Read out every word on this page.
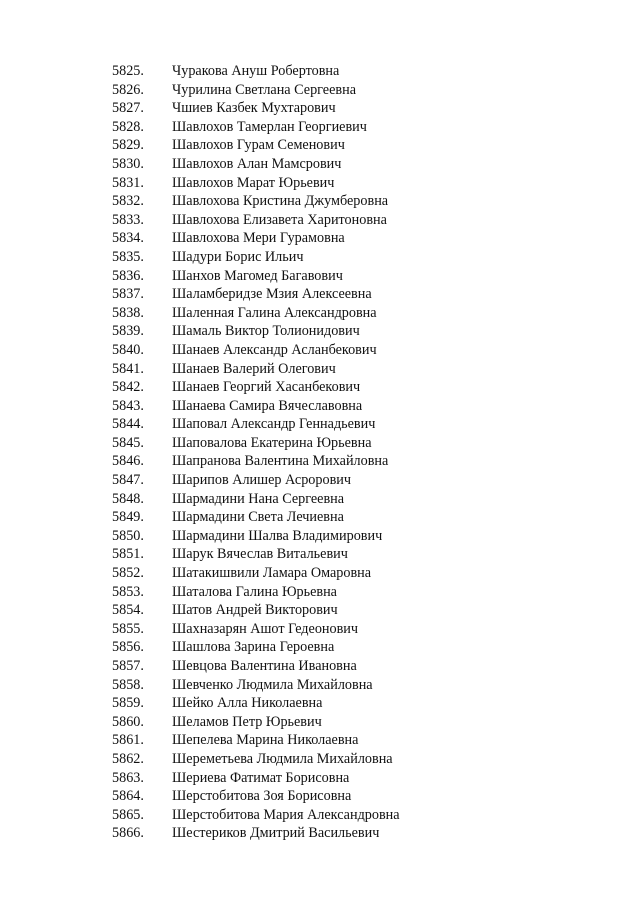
5825.	Чуракова Ануш Робертовна
5826.	Чурилина Светлана Сергеевна
5827.	Чшиев Казбек Мухтарович
5828.	Шавлохов Тамерлан Георгиевич
5829.	Шавлохов Гурам Семенович
5830.	Шавлохов Алан Мамсрович
5831.	Шавлохов Марат Юрьевич
5832.	Шавлохова Кристина Джумберовна
5833.	Шавлохова Елизавета Харитоновна
5834.	Шавлохова Мери Гурамовна
5835.	Шадури Борис Ильич
5836.	Шанхов Магомед Багавович
5837.	Шаламберидзе Мзия Алексеевна
5838.	Шаленная Галина Александровна
5839.	Шамаль Виктор Толионидович
5840.	Шанаев Александр Асланбекович
5841.	Шанаев Валерий Олегович
5842.	Шанаев Георгий Хасанбекович
5843.	Шанаева Самира Вячеславовна
5844.	Шаповал Александр Геннадьевич
5845.	Шаповалова Екатерина Юрьевна
5846.	Шапранова Валентина Михайловна
5847.	Шарипов Алишер Асрорович
5848.	Шармадини Нана Сергеевна
5849.	Шармадини Света Лечиевна
5850.	Шармадини Шалва Владимирович
5851.	Шарук Вячеслав Витальевич
5852.	Шатакишвили Ламара Омаровна
5853.	Шаталова Галина Юрьевна
5854.	Шатов Андрей Викторович
5855.	Шахназарян Ашот Гедеонович
5856.	Шашлова Зарина Героевна
5857.	Шевцова Валентина Ивановна
5858.	Шевченко Людмила Михайловна
5859.	Шейко Алла Николаевна
5860.	Шеламов Петр Юрьевич
5861.	Шепелева Марина Николаевна
5862.	Шереметьева Людмила Михайловна
5863.	Шериева Фатимат Борисовна
5864.	Шерстобитова Зоя Борисовна
5865.	Шерстобитова Мария Александровна
5866.	Шестериков Дмитрий Васильевич
